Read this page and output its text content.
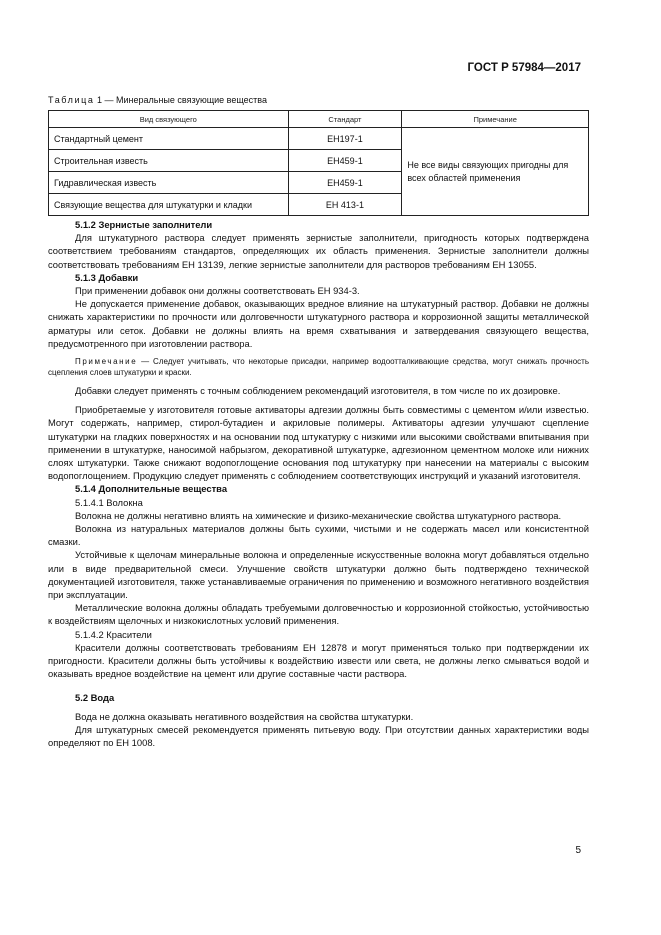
ГОСТ Р 57984—2017
Таблица 1 — Минеральные связующие вещества
Вид связующего	Стандарт	Примечание
Стандартный цемент	ЕН197-1	Не все виды связующих пригодны для всех областей применения
Строительная известь	ЕН459-1	
Гидравлическая известь	ЕН459-1	
Связующие вещества для штукатурки и кладки	ЕН 413-1	
5.1.2 Зернистые заполнители

Для штукатурного раствора следует применять зернистые заполнители, пригодность которых подтверждена соответствием требованиям стандартов, определяющих их область применения. Зернистые заполнители должны соответствовать требованиям ЕН 13139, легкие зернистые заполнители для растворов требованиям ЕН 13055.

5.1.3 Добавки

При применении добавок они должны соответствовать ЕН 934-3.

Не допускается применение добавок, оказывающих вредное влияние на штукатурный раствор. Добавки не должны снижать характеристики по прочности или долговечности штукатурного раствора и коррозионной защиты металлической арматуры или сеток. Добавки не должны влиять на время схватывания и затвердевания связующего вещества, предусмотренного при изготовлении раствора.

Примечание — Следует учитывать, что некоторые присадки, например водоотталкивающие средства, могут снижать прочность сцепления слоев штукатурки и краски.

Добавки следует применять с точным соблюдением рекомендаций изготовителя, в том числе по их дозировке.

Приобретаемые у изготовителя готовые активаторы адгезии должны быть совместимы с цементом и/или известью. Могут содержать, например, стирол-бутадиен и акриловые полимеры. Активаторы адгезии улучшают сцепление штукатурки на гладких поверхностях и на основании под штукатурку с низкими или высокими свойствами впитывания при применении в штукатурке, наносимой набрызгом, декоративной штукатурке, адгезионном цементном молоке или нижних слоях штукатурки. Также снижают водопоглощение основания под штукатурку при нанесении на материалы с высоким водопоглощением. Продукцию следует применять с соблюдением соответствующих инструкций и указаний изготовителя.

5.1.4 Дополнительные вещества

5.1.4.1 Волокна

Волокна не должны негативно влиять на химические и физико-механические свойства штукатурного раствора.

Волокна из натуральных материалов должны быть сухими, чистыми и не содержать масел или консистентной смазки.

Устойчивые к щелочам минеральные волокна и определенные искусственные волокна могут добавляться отдельно или в виде предварительной смеси. Улучшение свойств штукатурки должно быть подтверждено технической документацией изготовителя, также устанавливаемые ограничения по применению и возможного негативного воздействия при эксплуатации.

Металлические волокна должны обладать требуемыми долговечностью и коррозионной стойкостью, устойчивостью к воздействиям щелочных и низкокислотных условий применения.

5.1.4.2 Красители

Красители должны соответствовать требованиям ЕН 12878 и могут применяться только при подтверждении их пригодности. Красители должны быть устойчивы к воздействию извести или света, не должны легко смываться водой и оказывать вредное воздействие на цемент или другие составные части раствора.

5.2 Вода

Вода не должна оказывать негативного воздействия на свойства штукатурки.

Для штукатурных смесей рекомендуется применять питьевую воду. При отсутствии данных характеристики воды определяют по ЕН 1008.

5
